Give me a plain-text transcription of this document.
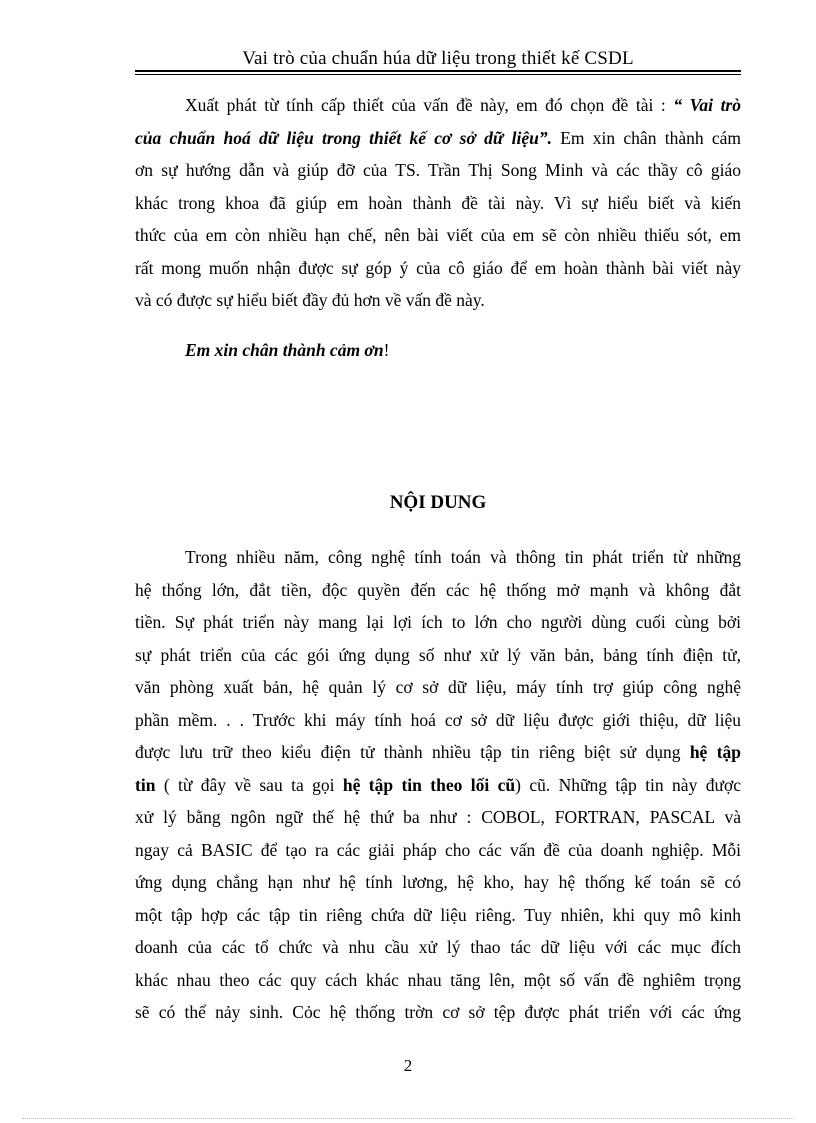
Vai trò của chuẩn húa dữ liệu trong thiết kế CSDL
Xuất phát từ tính cấp thiết của vấn đề này, em đó chọn đề tài : “ Vai trò
của chuẩn hoá dữ liệu trong thiết kế cơ sở dữ liệu”. Em xin chân thành cám
ơn sự hướng dẫn và giúp đỡ của TS. Trần Thị Song Minh và các thầy cô giáo
khác trong khoa đã giúp em hoàn thành đề tài này. Vì sự hiểu biết và kiến
thức của em còn nhiều hạn chế, nên bài viết của em sẽ còn nhiều thiếu sót, em
rất mong muốn nhận được sự góp ý của cô giáo để em hoàn thành bài viết này
và có được sự hiểu biết đầy đủ hơn về vấn đề này.
Em xin chân thành cảm ơn!
NỘI DUNG
Trong nhiều năm, công nghệ tính toán và thông tin phát triển từ những
hệ thống lớn, đắt tiền, độc quyền đến các hệ thống mở mạnh và không đắt
tiền. Sự phát triển này mang lại lợi ích to lớn cho người dùng cuối cùng bởi
sự phát triển của các gói ứng dụng số như xử lý văn bản, bảng tính điện tử,
văn phòng xuất bản, hệ quản lý cơ sở dữ liệu, máy tính trợ giúp công nghệ
phần mềm. . . Trước khi máy tính hoá cơ sở dữ liệu được giới thiệu, dữ liệu
được lưu trữ theo kiểu điện tử thành nhiều tập tin riêng biệt sử dụng hệ tập
tin ( từ đây về sau ta gọi hệ tập tin theo lối cũ) cũ. Những tập tin này được
xử lý bằng ngôn ngữ thế hệ thứ ba như : COBOL, FORTRAN, PASCAL và
ngay cả BASIC để tạo ra các giải pháp cho các vấn đề của doanh nghiệp. Mỗi
ứng dụng chẳng hạn như hệ tính lương, hệ kho, hay hệ thống kế toán sẽ có
một tập hợp các tập tin riêng chứa dữ liệu riêng. Tuy nhiên, khi quy mô kinh
doanh của các tổ chức và nhu cầu xử lý thao tác dữ liệu với các mục đích
khác nhau theo các quy cách khác nhau tăng lên, một số vấn đề nghiêm trọng
sẽ có thể nảy sinh. Cỏc hệ thống trờn cơ sở tệp được phát triển với các ứng
2
